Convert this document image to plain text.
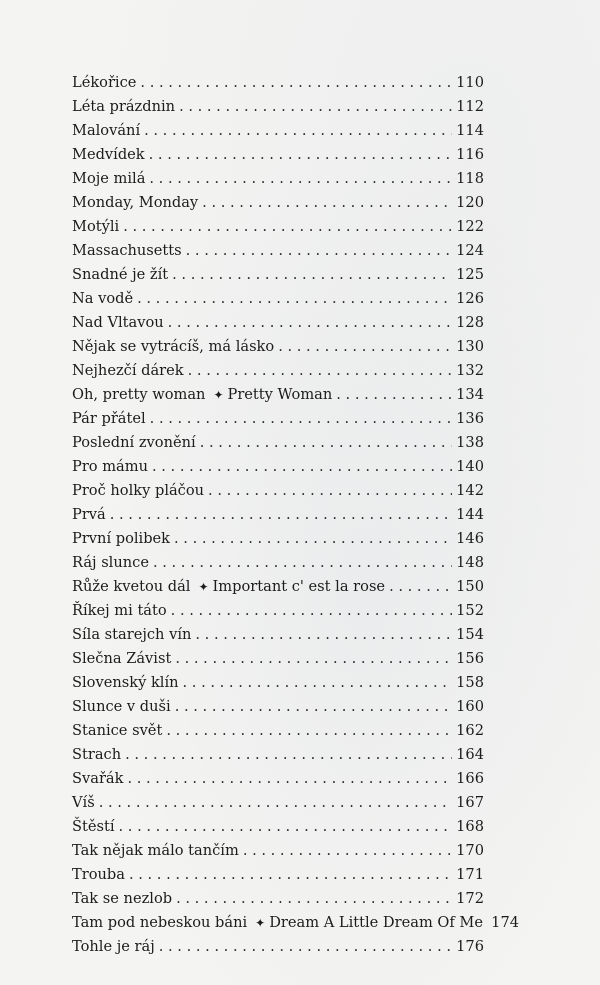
Lékořice . . .	110
Léta prázdnin . . .	112
Malování . . .	114
Medvídek . . .	116
Moje milá . . .	118
Monday, Monday . . .	120
Motýli . . .	122
Massachusetts . . .	124
Snadné je žít . . .	125
Na vodě . . .	126
Nad Vltavou . . .	128
Nějak se vytrácíš, má lásko . . .	130
Nejhezčí dárek . . .	132
Oh, pretty woman ✦ Pretty Woman . . .	134
Pár přátel . . .	136
Poslední zvonění . . .	138
Pro mámu . . .	140
Proč holky pláčou . . .	142
Prvá . . .	144
První polibek . . .	146
Ráj slunce . . .	148
Růže kvetou dál ✦ Important c' est la rose . . .	150
Říkej mi táto . . .	152
Síla starejch vín . . .	154
Slečna Závist . . .	156
Slovenský klín . . .	158
Slunce v duši . . .	160
Stanice svět . . .	162
Strach . . .	164
Svařák . . .	166
Víš . . .	167
Štěstí . . .	168
Tak nějak málo tančím . . .	170
Trouba . . .	171
Tak se nezlob . . .	172
Tam pod nebeskou báni ✦ Dream A Little Dream Of Me 174
Tohle je ráj . . .	176
